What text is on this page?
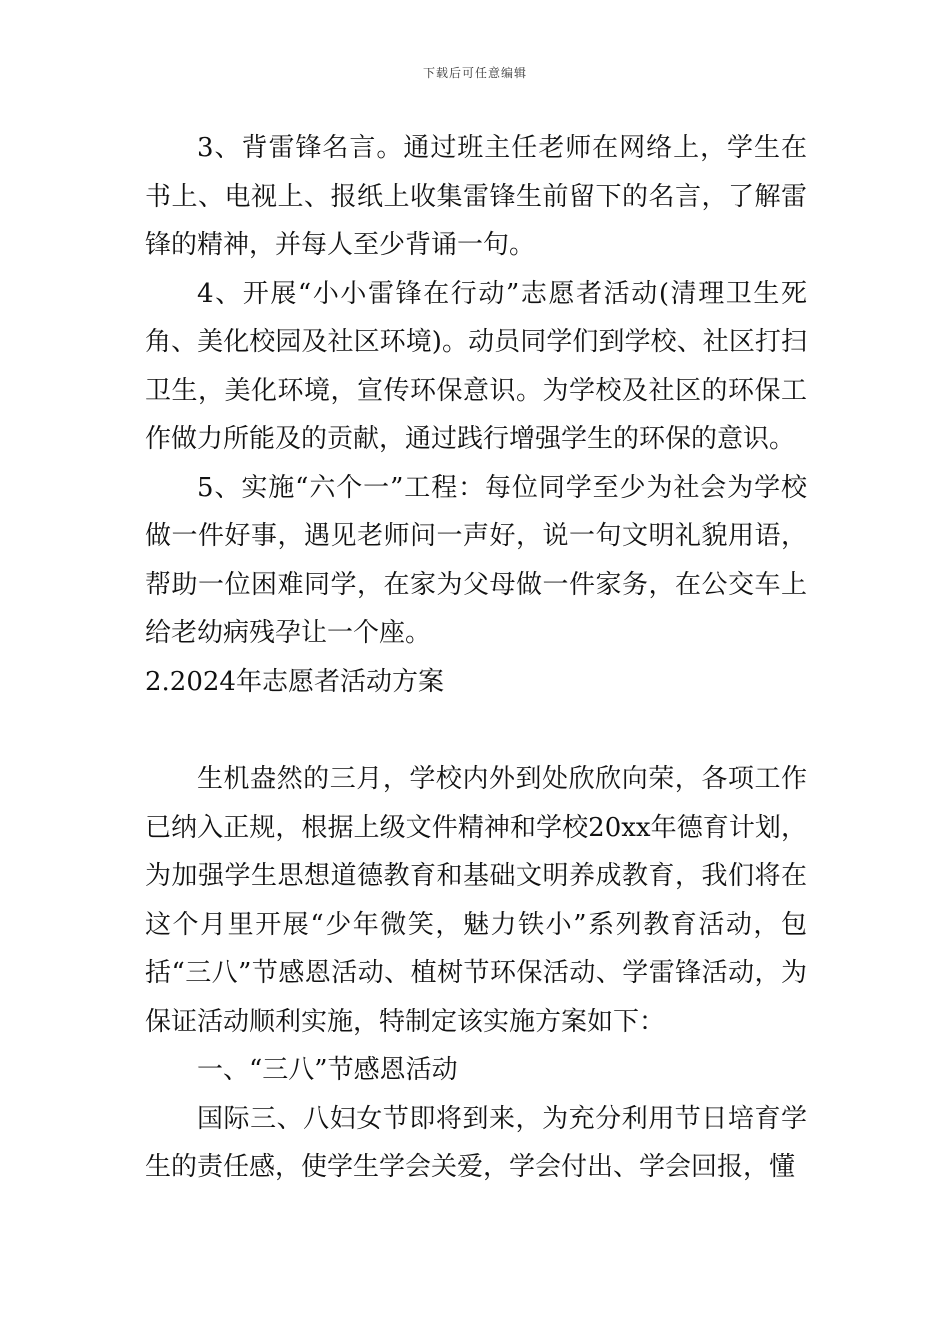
下载后可任意编辑

3、背雷锋名言。通过班主任老师在网络上，学生在书上、电视上、报纸上收集雷锋生前留下的名言，了解雷锋的精神，并每人至少背诵一句。

4、开展“小小雷锋在行动”志愿者活动(清理卫生死角、美化校园及社区环境)。动员同学们到学校、社区打扫卫生，美化环境，宣传环保意识。为学校及社区的环保工作做力所能及的贡献，通过践行增强学生的环保的意识。

5、实施“六个一”工程：每位同学至少为社会为学校做一件好事，遇见老师问一声好，说一句文明礼貌用语，帮助一位困难同学，在家为父母做一件家务，在公交车上给老幼病残孕让一个座。

2.2024年志愿者活动方案

生机盎然的三月，学校内外到处欣欣向荣，各项工作已纳入正规，根据上级文件精神和学校20xx年德育计划，为加强学生思想道德教育和基础文明养成教育，我们将在这个月里开展“少年微笑，魅力铁小”系列教育活动，包括“三八”节感恩活动、植树节环保活动、学雷锋活动，为保证活动顺利实施，特制定该实施方案如下：

一、“三八”节感恩活动

国际三、八妇女节即将到来，为充分利用节日培育学生的责任感，使学生学会关爱，学会付出、学会回报，懂
